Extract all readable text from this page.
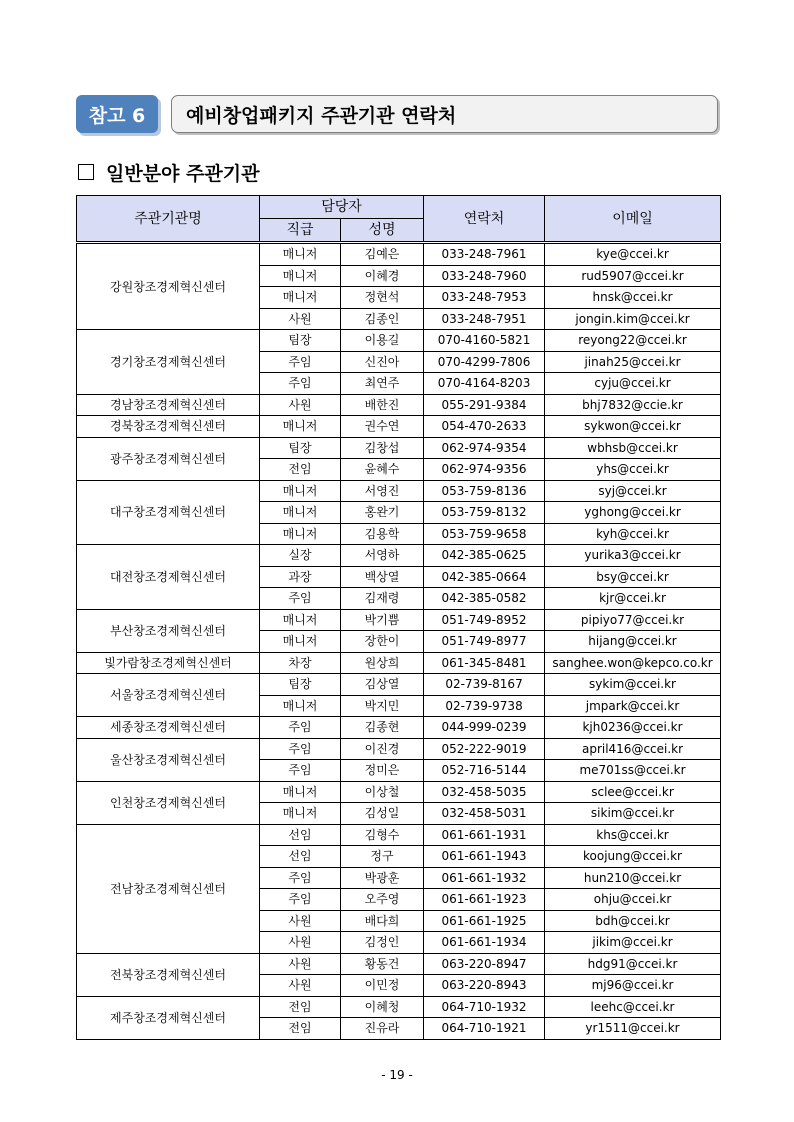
참고 6	예비창업패키지 주관기관 연락처
일반분야 주관기관
주관기관명	담당자		연락처	이메일
	직급	성명		
강원창조경제혁신센터	매니저	김예은	033-248-7961	kye@ccei.kr
	매니저	이혜경	033-248-7960	rud5907@ccei.kr
	매니저	정현석	033-248-7953	hnsk@ccei.kr
	사원	김종인	033-248-7951	jongin.kim@ccei.kr
경기창조경제혁신센터	팀장	이용길	070-4160-5821	reyong22@ccei.kr
	주임	신진아	070-4299-7806	jinah25@ccei.kr
	주임	최연주	070-4164-8203	cyju@ccei.kr
경남창조경제혁신센터	사원	배한진	055-291-9384	bhj7832@ccie.kr
경북창조경제혁신센터	매니저	권수연	054-470-2633	sykwon@ccei.kr
광주창조경제혁신센터	팀장	김창섭	062-974-9354	wbhsb@ccei.kr
	전임	윤혜수	062-974-9356	yhs@ccei.kr
대구창조경제혁신센터	매니저	서영진	053-759-8136	syj@ccei.kr
	매니저	홍완기	053-759-8132	yghong@ccei.kr
	매니저	김용학	053-759-9658	kyh@ccei.kr
대전창조경제혁신센터	실장	서영하	042-385-0625	yurika3@ccei.kr
	과장	백상열	042-385-0664	bsy@ccei.kr
	주임	김재령	042-385-0582	kjr@ccei.kr
부산창조경제혁신센터	매니저	박기쁨	051-749-8952	pipiyo77@ccei.kr
	매니저	장한이	051-749-8977	hijang@ccei.kr
빛가람창조경제혁신센터	차장	원상희	061-345-8481	sanghee.won@kepco.co.kr
서울창조경제혁신센터	팀장	김상열	02-739-8167	sykim@ccei.kr
	매니저	박지민	02-739-9738	jmpark@ccei.kr
세종창조경제혁신센터	주임	김종현	044-999-0239	kjh0236@ccei.kr
울산창조경제혁신센터	주임	이진경	052-222-9019	april416@ccei.kr
	주임	정미은	052-716-5144	me701ss@ccei.kr
인천창조경제혁신센터	매니저	이상철	032-458-5035	sclee@ccei.kr
	매니저	김성일	032-458-5031	sikim@ccei.kr
전남창조경제혁신센터	선임	김형수	061-661-1931	khs@ccei.kr
	선임	정구	061-661-1943	koojung@ccei.kr
	주임	박광훈	061-661-1932	hun210@ccei.kr
	주임	오주영	061-661-1923	ohju@ccei.kr
	사원	배다희	061-661-1925	bdh@ccei.kr
	사원	김정인	061-661-1934	jikim@ccei.kr
전북창조경제혁신센터	사원	황동건	063-220-8947	hdg91@ccei.kr
	사원	이민정	063-220-8943	mj96@ccei.kr
제주창조경제혁신센터	전임	이혜청	064-710-1932	leehc@ccei.kr
	전임	진유라	064-710-1921	yr1511@ccei.kr
- 19 -
